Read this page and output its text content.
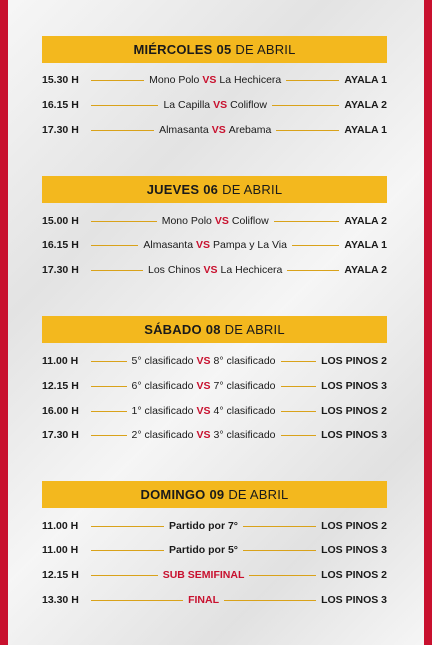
MIÉRCOLES 05 DE ABRIL
15.30 H	Mono Polo VS La Hechicera	AYALA 1
16.15 H	La Capilla VS Coliflow	AYALA 2
17.30 H	Almasanta VS Arebama	AYALA 1
JUEVES 06 DE ABRIL
15.00 H	Mono Polo VS Coliflow	AYALA 2
16.15 H	Almasanta VS Pampa y La Via	AYALA 1
17.30 H	Los Chinos VS La Hechicera	AYALA 2
SÁBADO 08 DE ABRIL
11.00 H	5° clasificado VS 8° clasificado	LOS PINOS 2
12.15 H	6° clasificado VS 7° clasificado	LOS PINOS 3
16.00 H	1° clasificado VS 4° clasificado	LOS PINOS 2
17.30 H	2° clasificado VS 3° clasificado	LOS PINOS 3
DOMINGO 09 DE ABRIL
11.00 H	Partido por 7°	LOS PINOS 2
11.00 H	Partido por 5°	LOS PINOS 3
12.15 H	SUB SEMIFINAL	LOS PINOS 2
13.30 H	FINAL	LOS PINOS 3
